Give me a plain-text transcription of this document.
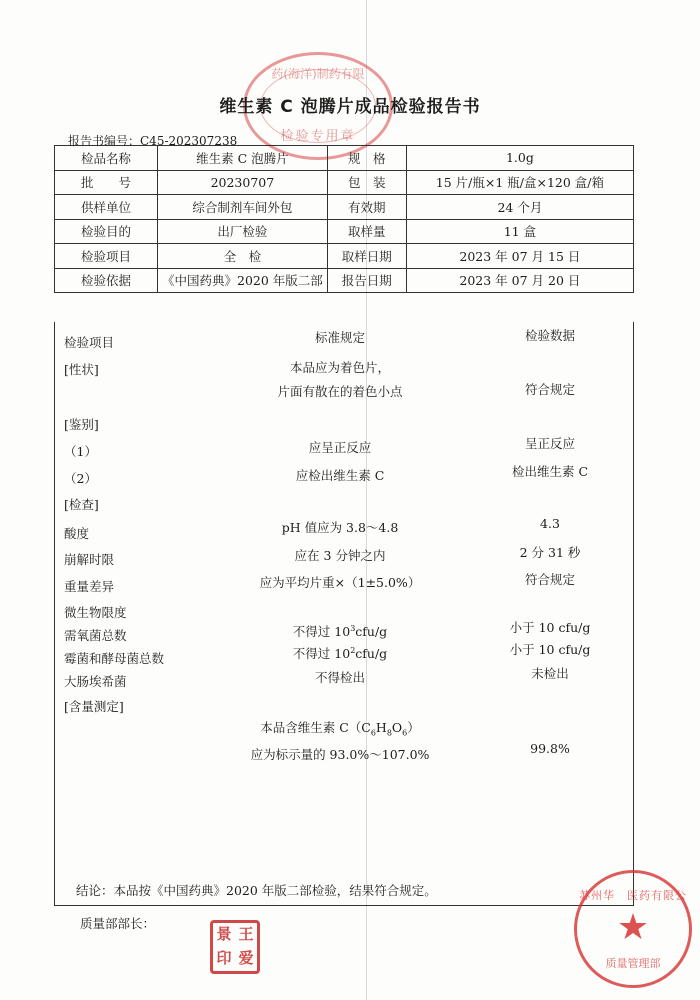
药(海洋)制药有限
检验专用章
维生素 C 泡腾片成品检验报告书
报告书编号：C45-202307238
检品名称	维生素 C 泡腾片	规　格	1.0g
批　　号	20230707	包　装	15 片/瓶×1 瓶/盒×120 盒/箱
供样单位	综合制剂车间外包	有效期	24 个月
检验目的	出厂检验	取样量	11 盒
检验项目	全　检	取样日期	2023 年 07 月 15 日
检验依据	《中国药典》2020 年版二部	报告日期	2023 年 07 月 20 日
检验项目	标准规定	检验数据
[性状]	本品应为着色片，
片面有散在的着色小点	符合规定
[鉴别]
（1）	应呈正反应	呈正反应
（2）	应检出维生素 C	检出维生素 C
[检查]
酸度	pH 值应为 3.8～4.8	4.3
崩解时限	应在 3 分钟之内	2 分 31 秒
重量差异	应为平均片重×（1±5.0%）	符合规定
微生物限度
需氧菌总数	不得过 $10^3cfu/g$	小于 10 cfu/g
霉菌和酵母菌总数	不得过 $10^2cfu/g$	小于 10 cfu/g
大肠埃希菌	不得检出	未检出
[含量测定]
本品含维生素 $C(C_6H_8O_6)$
应为标示量的 93.0%～107.0%	99.8%
结论：本品按《中国药典》2020 年版二部检验，结果符合规定。
质量部部长：
景 王
印 爱
苏州华　医药有限公
★
质量管理部
